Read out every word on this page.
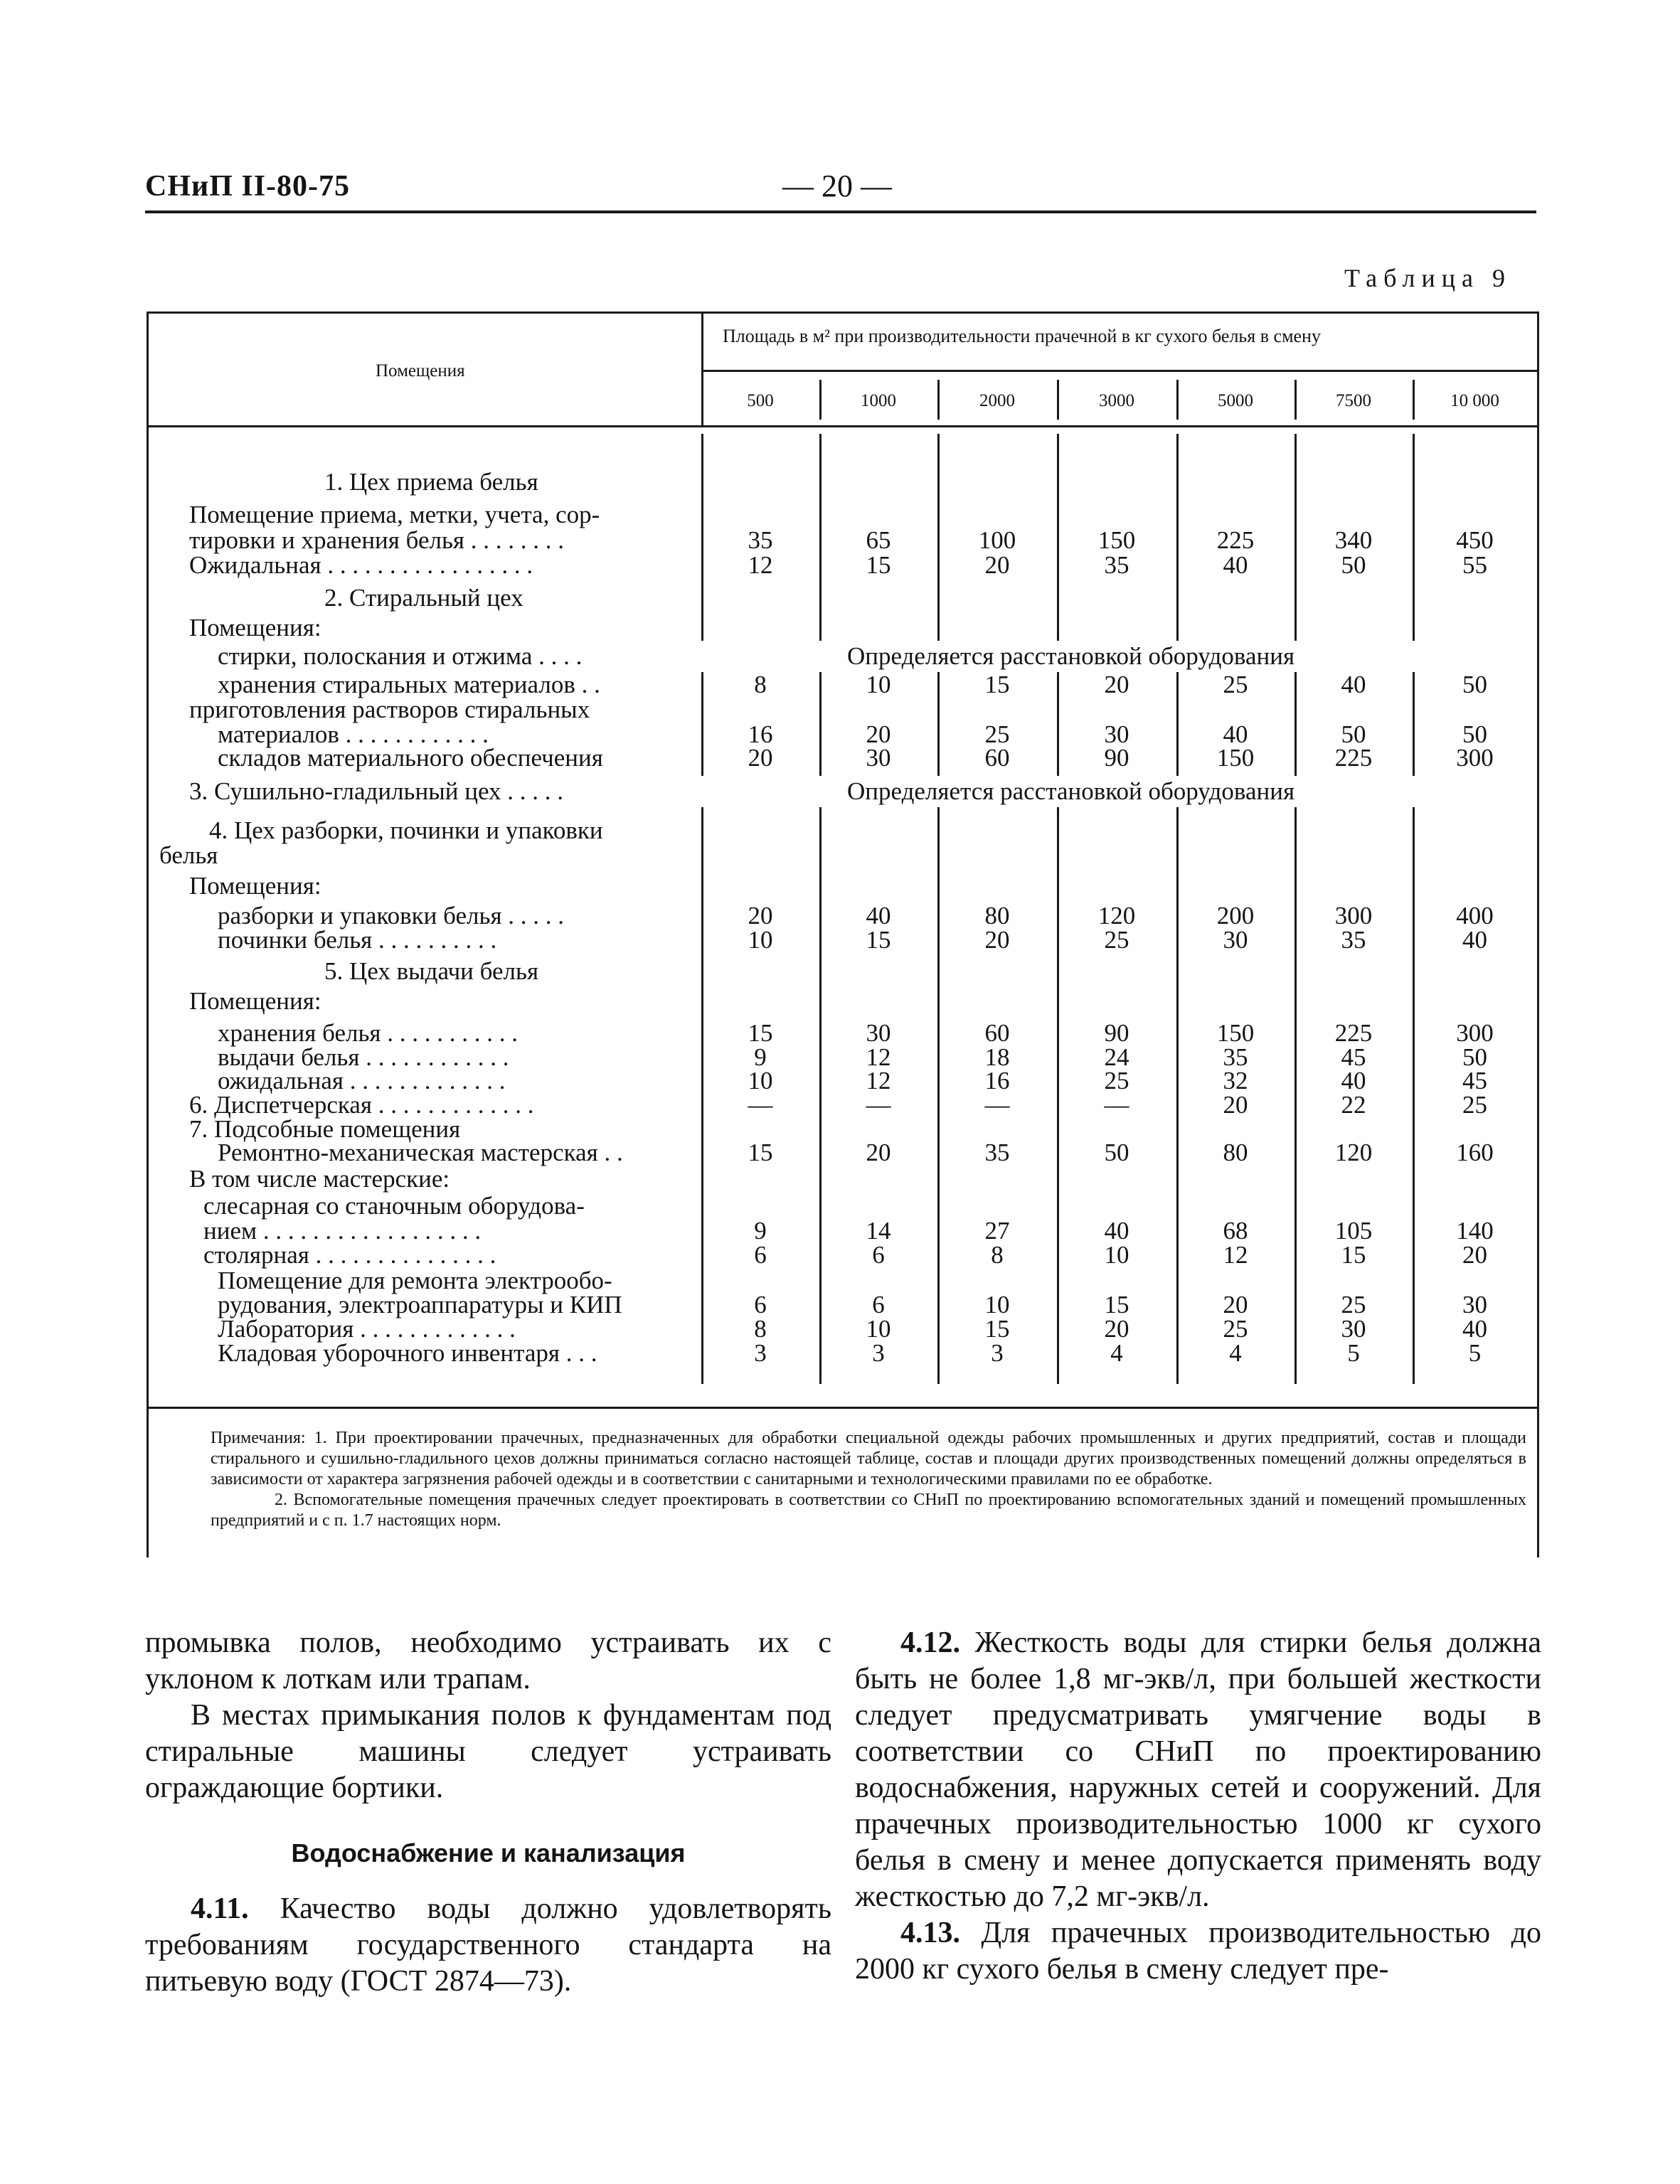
СНиП II-80-75	— 20 —
Таблица 9
Помещения
Площадь в м² при производительности прачечной в кг сухого белья в смену
500	1000	2000	3000	5000	7500	10 000
1. Цех приема белья
Помещение приема, метки, учета, сор-
тировки и хранения белья . . . . . . . .	35	65	100	150	225	340	450
Ожидальная . . . . . . . . . . . . . . . . .	12	15	20	35	40	50	55
2. Стиральный цех
Помещения:
стирки, полоскания и отжима . . . .	Определяется расстановкой оборудования
хранения стиральных материалов . .	8	10	15	20	25	40	50
приготовления растворов стиральных
материалов . . . . . . . . . . . .	16	20	25	30	40	50	50
складов материального обеспечения	20	30	60	90	150	225	300
3. Сушильно-гладильный цех . . . . .	Определяется расстановкой оборудования
4. Цех разборки, починки и упаковки
белья
Помещения:
разборки и упаковки белья . . . . .	20	40	80	120	200	300	400
починки белья . . . . . . . . . .	10	15	20	25	30	35	40
5. Цех выдачи белья
Помещения:
хранения белья . . . . . . . . . . .	15	30	60	90	150	225	300
выдачи белья . . . . . . . . . . . .	9	12	18	24	35	45	50
ожидальная . . . . . . . . . . . . .	10	12	16	25	32	40	45
6. Диспетчерская . . . . . . . . . . . . .	—	—	—	—	20	22	25
7. Подсобные помещения
Ремонтно-механическая мастерская . .	15	20	35	50	80	120	160
В том числе мастерские:
слесарная со станочным оборудова-
нием . . . . . . . . . . . . . . . . . .	9	14	27	40	68	105	140
столярная . . . . . . . . . . . . . . .	6	6	8	10	12	15	20
Помещение для ремонта электрообо-
рудования, электроаппаратуры и КИП	6	6	10	15	20	25	30
Лаборатория . . . . . . . . . . . . .	8	10	15	20	25	30	40
Кладовая уборочного инвентаря . . .	3	3	3	4	4	5	5
Примечания: 1. При проектировании прачечных, предназначенных для обработки специальной одежды рабочих промышленных и других предприятий, состав и площади стирального и сушильно-гладильного цехов должны приниматься согласно настоящей таблице, состав и площади других производственных помещений должны определяться в зависимости от характера загрязнения рабочей одежды и в соответствии с санитарными и технологическими правилами по ее обработке.
2. Вспомогательные помещения прачечных следует проектировать в соответствии со СНиП по проектированию вспомогательных зданий и помещений промышленных предприятий и с п. 1.7 настоящих норм.

промывка полов, необходимо устраивать их с уклоном к лоткам или трапам.

В местах примыкания полов к фундаментам под стиральные машины следует устраивать ограждающие бортики.

Водоснабжение и канализация

4.11. Качество воды должно удовлетворять требованиям государственного стандарта на питьевую воду (ГОСТ 2874—73).

4.12. Жесткость воды для стирки белья должна быть не более 1,8 мг-экв/л, при большей жесткости следует предусматривать умягчение воды в соответствии со СНиП по проектированию водоснабжения, наружных сетей и сооружений. Для прачечных производительностью 1000 кг сухого белья в смену и менее допускается применять воду жесткостью до 7,2 мг-экв/л.

4.13. Для прачечных производительностью до 2000 кг сухого белья в смену следует пре-
